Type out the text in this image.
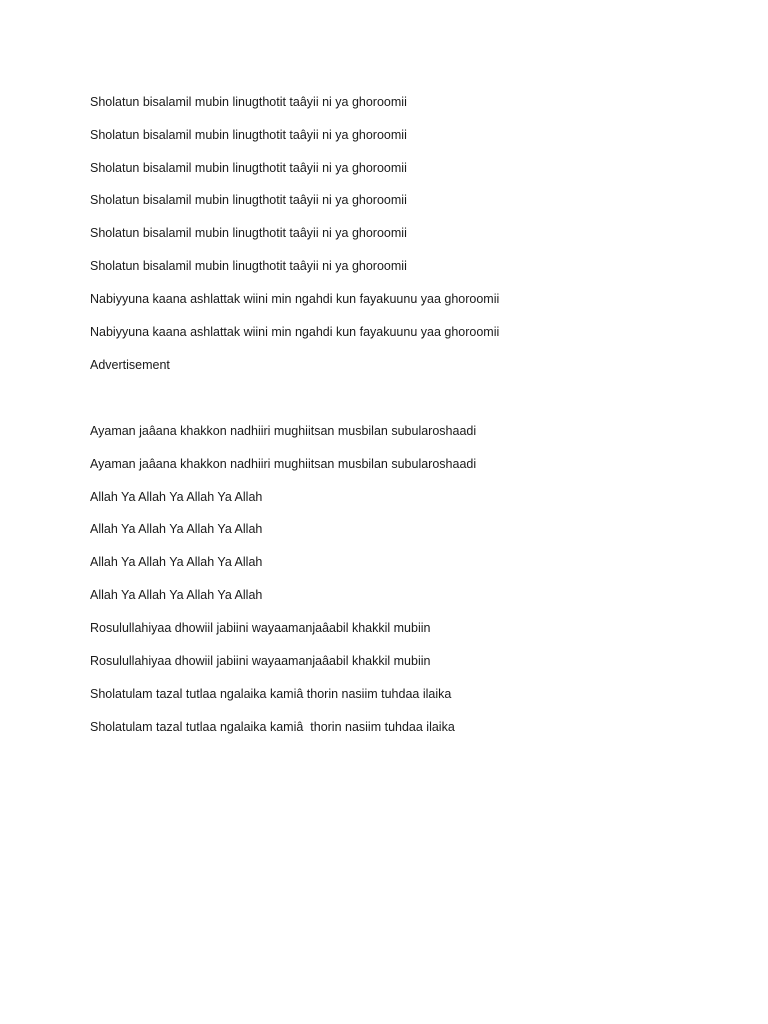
Sholatun bisalamil mubin linugthotit taâyii ni ya ghoroomii

Sholatun bisalamil mubin linugthotit taâyii ni ya ghoroomii

Sholatun bisalamil mubin linugthotit taâyii ni ya ghoroomii

Sholatun bisalamil mubin linugthotit taâyii ni ya ghoroomii

Sholatun bisalamil mubin linugthotit taâyii ni ya ghoroomii

Sholatun bisalamil mubin linugthotit taâyii ni ya ghoroomii

Nabiyyuna kaana ashlattak wiini min ngahdi kun fayakuunu yaa ghoroomii

Nabiyyuna kaana ashlattak wiini min ngahdi kun fayakuunu yaa ghoroomii

Advertisement

Ayaman jaâana khakkon nadhiiri mughiitsan musbilan subularoshaadi

Ayaman jaâana khakkon nadhiiri mughiitsan musbilan subularoshaadi

Allah Ya Allah Ya Allah Ya Allah

Allah Ya Allah Ya Allah Ya Allah

Allah Ya Allah Ya Allah Ya Allah

Allah Ya Allah Ya Allah Ya Allah

Rosulullahiyaa dhowiil jabiini wayaamanjaâabil khakkil mubiin

Rosulullahiyaa dhowiil jabiini wayaamanjaâabil khakkil mubiin

Sholatulam tazal tutlaa ngalaika kamiâ thorin nasiim tuhdaa ilaika

Sholatulam tazal tutlaa ngalaika kamiâ  thorin nasiim tuhdaa ilaika
